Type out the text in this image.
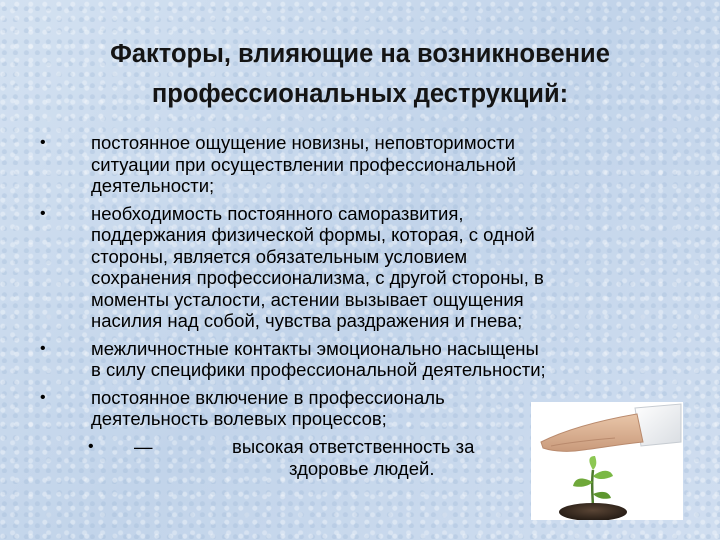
Факторы, влияющие на возникновение
профессиональных деструкций:
• постоянное ощущение новизны, неповторимости
ситуации при осуществлении профессиональной
деятельности;
• необходимость постоянного саморазвития,
поддержания физической формы, которая, с одной
стороны, является обязательным условием
сохранения профессионализма, с другой стороны, в
моменты усталости, астении вызывает ощущения
насилия над собой, чувства раздражения и гнева;
• межличностные контакты эмоционально насыщены
в силу специфики профессиональной деятельности;
• постоянное включение в профессиональ
деятельность волевых процессов;
• —	высокая ответственность за
здоровье людей.
